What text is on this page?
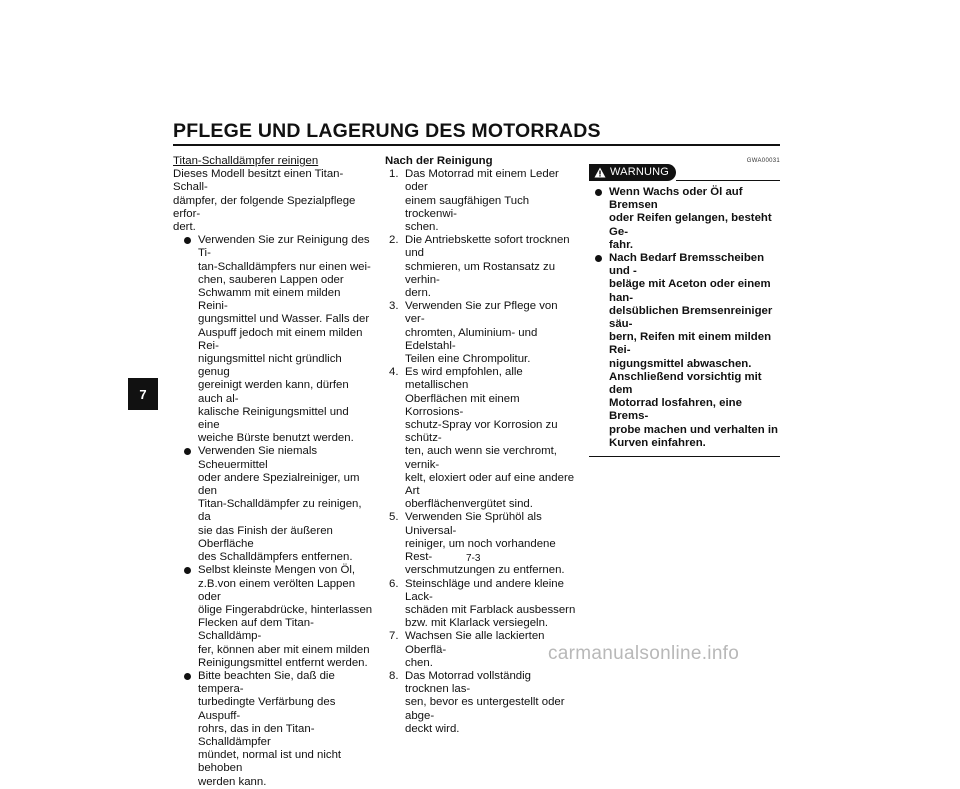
PFLEGE UND LAGERUNG DES MOTORRADS
7

Titan-Schalldämpfer reinigen

Dieses Modell besitzt einen Titan-Schall-
dämpfer, der folgende Spezialpflege erfor-
dert.

Verwenden Sie zur Reinigung des Ti-
tan-Schalldämpfers nur einen wei-
chen, sauberen Lappen oder
Schwamm mit einem milden Reini-
gungsmittel und Wasser. Falls der
Auspuff jedoch mit einem milden Rei-
nigungsmittel nicht gründlich genug
gereinigt werden kann, dürfen auch al-
kalische Reinigungsmittel und eine
weiche Bürste benutzt werden.
Verwenden Sie niemals Scheuermittel
oder andere Spezialreiniger, um den
Titan-Schalldämpfer zu reinigen, da
sie das Finish der äußeren Oberfläche
des Schalldämpfers entfernen.
Selbst kleinste Mengen von Öl,
z.B.von einem verölten Lappen oder
ölige Fingerabdrücke, hinterlassen
Flecken auf dem Titan- Schalldämp-
fer, können aber mit einem milden
Reinigungsmittel entfernt werden.
Bitte beachten Sie, daß die tempera-
turbedingte Verfärbung des Auspuff-
rohrs, das in den Titan-Schalldämpfer
mündet, normal ist und nicht behoben
werden kann.

Nach der Reinigung

1. Das Motorrad mit einem Leder oder
einem saugfähigen Tuch trockenwi-
schen.
2. Die Antriebskette sofort trocknen und
schmieren, um Rostansatz zu verhin-
dern.
3. Verwenden Sie zur Pflege von ver-
chromten, Aluminium- und Edelstahl-
Teilen eine Chrompolitur.
4. Es wird empfohlen, alle metallischen
Oberflächen mit einem Korrosions-
schutz-Spray vor Korrosion zu schütz-
ten, auch wenn sie verchromt, vernik-
kelt, eloxiert oder auf eine andere Art
oberflächenvergütet sind.
5. Verwenden Sie Sprühöl als Universal-
reiniger, um noch vorhandene Rest-
verschmutzungen zu entfernen.
6. Steinschläge und andere kleine Lack-
schäden mit Farblack ausbessern
bzw. mit Klarlack versiegeln.
7. Wachsen Sie alle lackierten Oberflä-
chen.
8. Das Motorrad vollständig trocknen las-
sen, bevor es untergestellt oder abge-
deckt wird.
GWA00031
WARNUNG
Wenn Wachs oder Öl auf Bremsen
oder Reifen gelangen, besteht Ge-
fahr.
Nach Bedarf Bremsscheiben und -
beläge mit Aceton oder einem han-
delsüblichen Bremsenreiniger säu-
bern, Reifen mit einem milden Rei-
nigungsmittel abwaschen.
Anschließend vorsichtig mit dem
Motorrad losfahren, eine Brems-
probe machen und verhalten in
Kurven einfahren.
7-3
carmanualsonline.info
